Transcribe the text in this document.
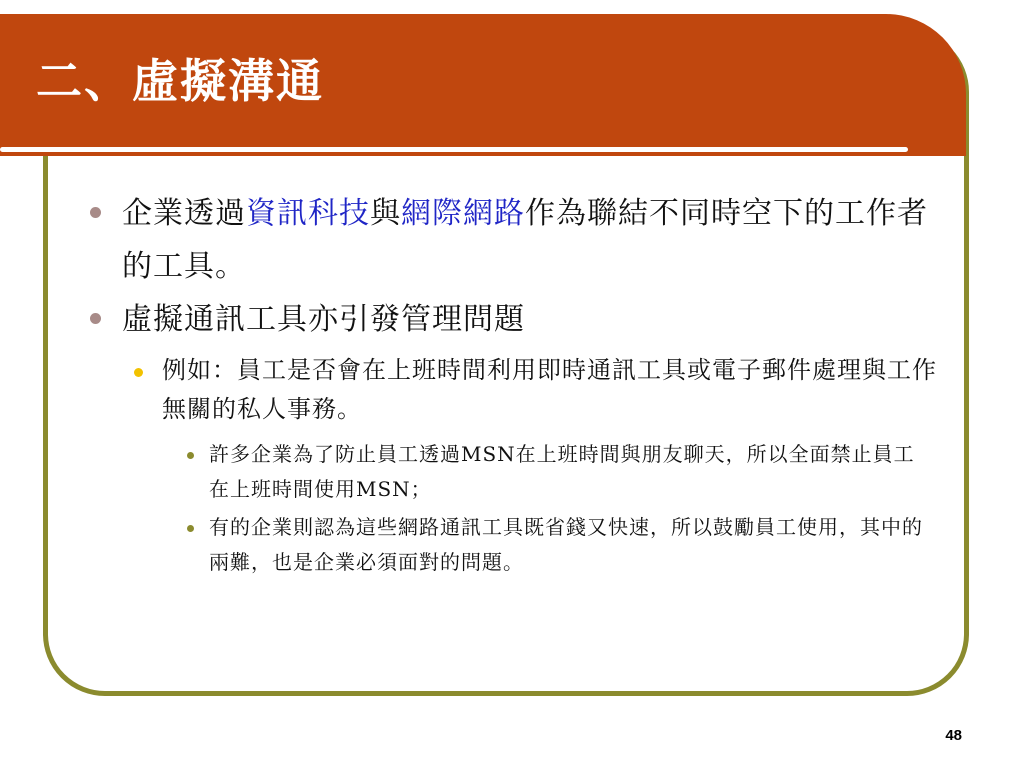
二、虛擬溝通

企業透過資訊科技與網際網路作為聯結不同時空下的工作者的工具。

虛擬通訊工具亦引發管理問題

例如：員工是否會在上班時間利用即時通訊工具或電子郵件處理與工作無關的私人事務。

許多企業為了防止員工透過MSN在上班時間與朋友聊天，所以全面禁止員工在上班時間使用MSN；

有的企業則認為這些網路通訊工具既省錢又快速，所以鼓勵員工使用，其中的兩難，也是企業必須面對的問題。

48
